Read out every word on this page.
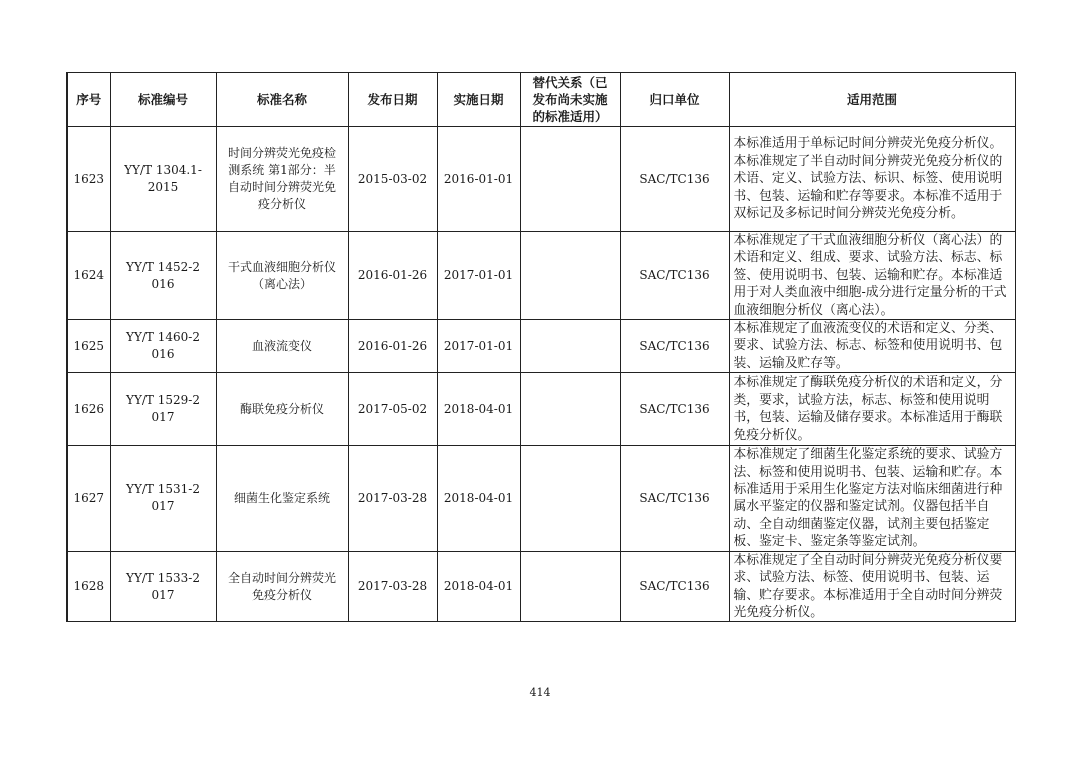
序号	标准编号	标准名称	发布日期	实施日期	替代关系（已发布尚未实施的标准适用）	归口单位	适用范围
1623	YY/T 1304.1-2015	时间分辨荧光免疫检测系统 第1部分：半自动时间分辨荧光免疫分析仪	2015-03-02	2016-01-01		SAC/TC136	本标准适用于单标记时间分辨荧光免疫分析仪。本标准规定了半自动时间分辨荧光免疫分析仪的术语、定义、试验方法、标识、标签、使用说明书、包装、运输和贮存等要求。本标准不适用于双标记及多标记时间分辨荧光免疫分析。
1624	YY/T 1452-2016	干式血液细胞分析仪（离心法）	2016-01-26	2017-01-01		SAC/TC136	本标准规定了干式血液细胞分析仪（离心法）的术语和定义、组成、要求、试验方法、标志、标签、使用说明书、包装、运输和贮存。本标准适用于对人类血液中细胞-成分进行定量分析的干式血液细胞分析仪（离心法）。
1625	YY/T 1460-2016	血液流变仪	2016-01-26	2017-01-01		SAC/TC136	本标准规定了血液流变仪的术语和定义、分类、要求、试验方法、标志、标签和使用说明书、包装、运输及贮存等。
1626	YY/T 1529-2017	酶联免疫分析仪	2017-05-02	2018-04-01		SAC/TC136	本标准规定了酶联免疫分析仪的术语和定义，分类，要求，试验方法，标志、标签和使用说明书，包装、运输及储存要求。本标准适用于酶联免疫分析仪。
1627	YY/T 1531-2017	细菌生化鉴定系统	2017-03-28	2018-04-01		SAC/TC136	本标准规定了细菌生化鉴定系统的要求、试验方法、标签和使用说明书、包装、运输和贮存。本标准适用于采用生化鉴定方法对临床细菌进行种属水平鉴定的仪器和鉴定试剂。仪器包括半自动、全自动细菌鉴定仪器，试剂主要包括鉴定板、鉴定卡、鉴定条等鉴定试剂。
1628	YY/T 1533-2017	全自动时间分辨荧光免疫分析仪	2017-03-28	2018-04-01		SAC/TC136	本标准规定了全自动时间分辨荧光免疫分析仪要求、试验方法、标签、使用说明书、包装、运输、贮存要求。本标准适用于全自动时间分辨荧光免疫分析仪。
414
